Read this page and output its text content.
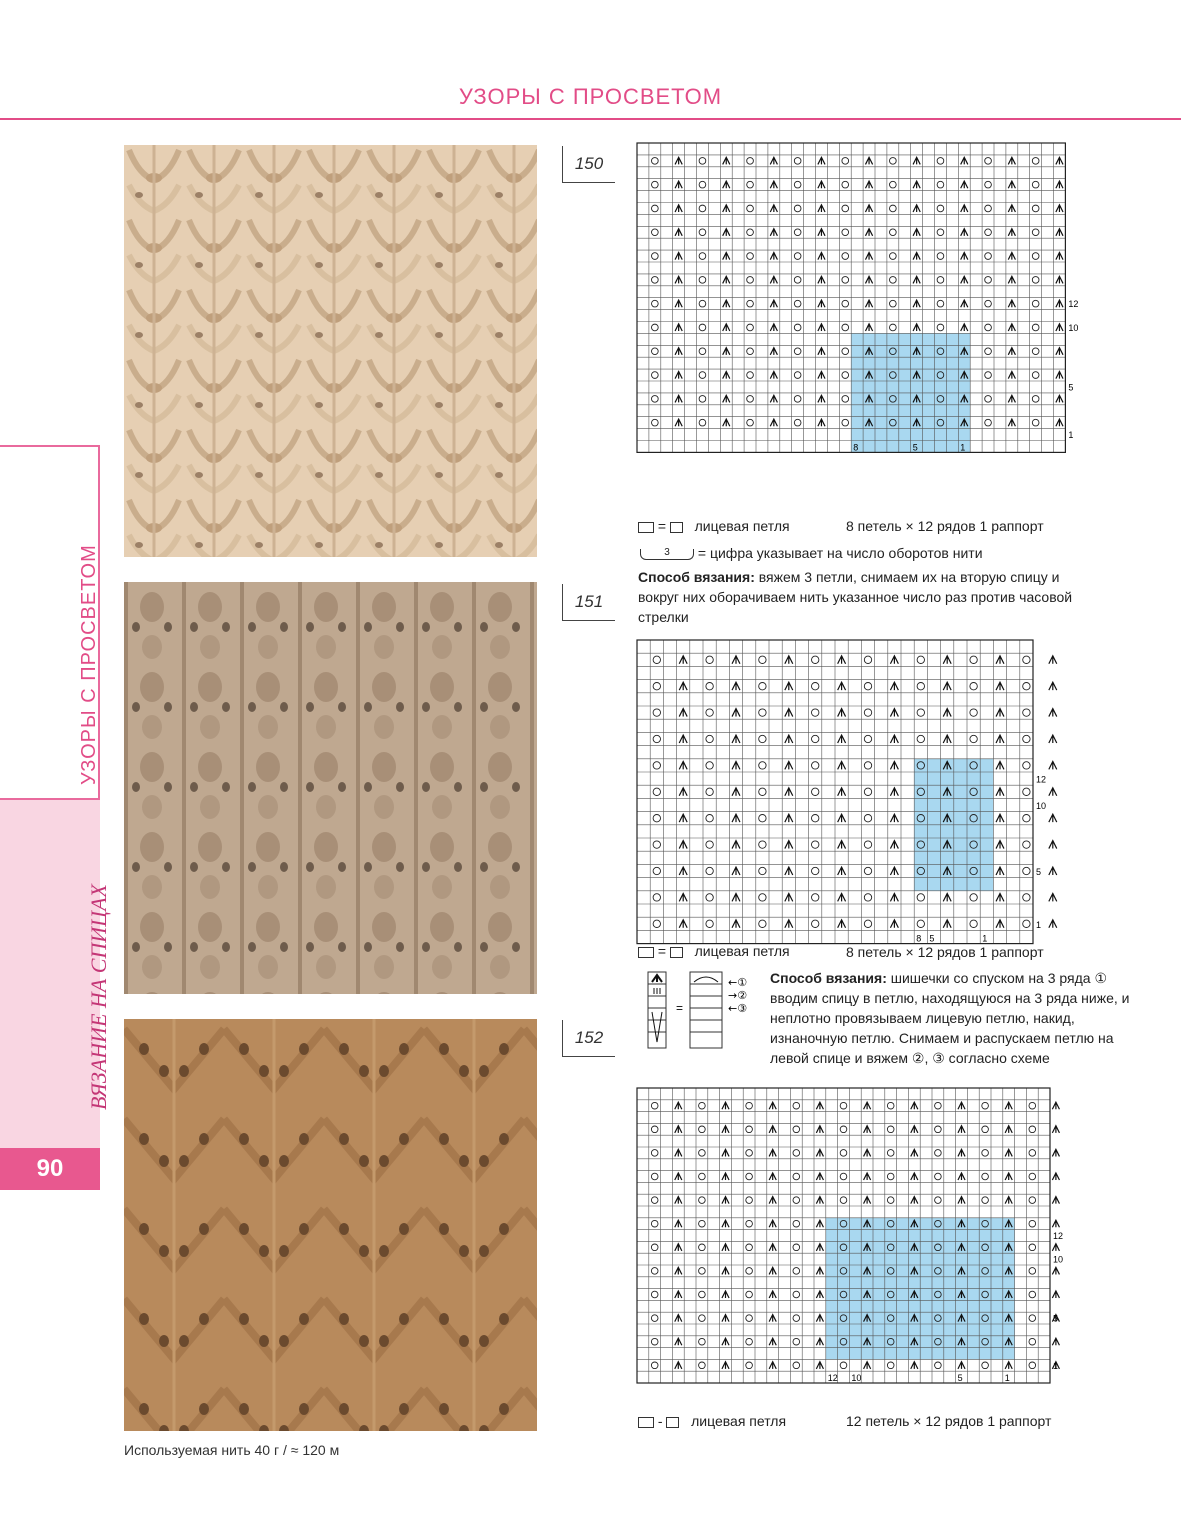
УЗОРЫ С ПРОСВЕТОМ
УЗОРЫ С ПРОСВЕТОМ
ВЯЗАНИЕ НА СПИЦАХ
90
150
151
152
12
10
5
1
8	5	1
=    лицевая петля	8 петель × 12 рядов 1 раппорт
3 = цифра указывает на число оборотов нити
Способ вязания: вяжем 3 петли, снимаем их на вторую спицу и вокруг них оборачиваем нить указанное число раз против часовой стрелки
12
10
5
1
8 5	1
=    лицевая петля	8 петель × 12 рядов 1 раппорт
=
←①
→②
←③
Способ вязания: шишечки со спуском на 3 ряда ① вводим спицу в петлю, находящуюся на 3 ряда ниже, и неплотно провязываем лицевую петлю, накид, изнаночную петлю. Снимаем и распускаем петлю на левой спице и вяжем ②, ③ согласно схеме
12
10
5
1
12 10	5	1
-    лицевая петля	12 петель × 12 рядов 1 раппорт
Используемая нить 40 г / ≈ 120 м
